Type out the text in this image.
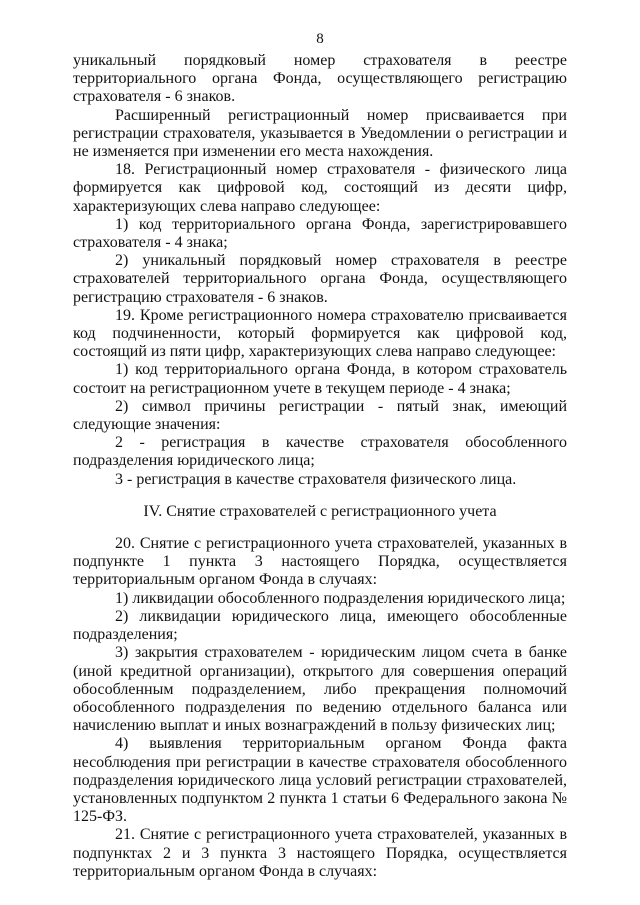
8

уникальный порядковый номер страхователя в реестре территориального органа Фонда, осуществляющего регистрацию страхователя - 6 знаков.

Расширенный регистрационный номер присваивается при регистрации страхователя, указывается в Уведомлении о регистрации и не изменяется при изменении его места нахождения.

18. Регистрационный номер страхователя - физического лица формируется как цифровой код, состоящий из десяти цифр, характеризующих слева направо следующее:

1) код территориального органа Фонда, зарегистрировавшего страхователя - 4 знака;

2) уникальный порядковый номер страхователя в реестре страхователей территориального органа Фонда, осуществляющего регистрацию страхователя - 6 знаков.

19. Кроме регистрационного номера страхователю присваивается код подчиненности, который формируется как цифровой код, состоящий из пяти цифр, характеризующих слева направо следующее:

1) код территориального органа Фонда, в котором страхователь состоит на регистрационном учете в текущем периоде - 4 знака;

2) символ причины регистрации - пятый знак, имеющий следующие значения:

2 - регистрация в качестве страхователя обособленного подразделения юридического лица;

3 - регистрация в качестве страхователя физического лица.

IV. Снятие страхователей с регистрационного учета

20. Снятие с регистрационного учета страхователей, указанных в подпункте 1 пункта 3 настоящего Порядка, осуществляется территориальным органом Фонда в случаях:

1) ликвидации обособленного подразделения юридического лица;

2) ликвидации юридического лица, имеющего обособленные подразделения;

3) закрытия страхователем - юридическим лицом счета в банке (иной кредитной организации), открытого для совершения операций обособленным подразделением, либо прекращения полномочий обособленного подразделения по ведению отдельного баланса или начислению выплат и иных вознаграждений в пользу физических лиц;

4) выявления территориальным органом Фонда факта несоблюдения при регистрации в качестве страхователя обособленного подразделения юридического лица условий регистрации страхователей, установленных подпунктом 2 пункта 1 статьи 6 Федерального закона № 125-ФЗ.

21. Снятие с регистрационного учета страхователей, указанных в подпунктах 2 и 3 пункта 3 настоящего Порядка, осуществляется территориальным органом Фонда в случаях:
